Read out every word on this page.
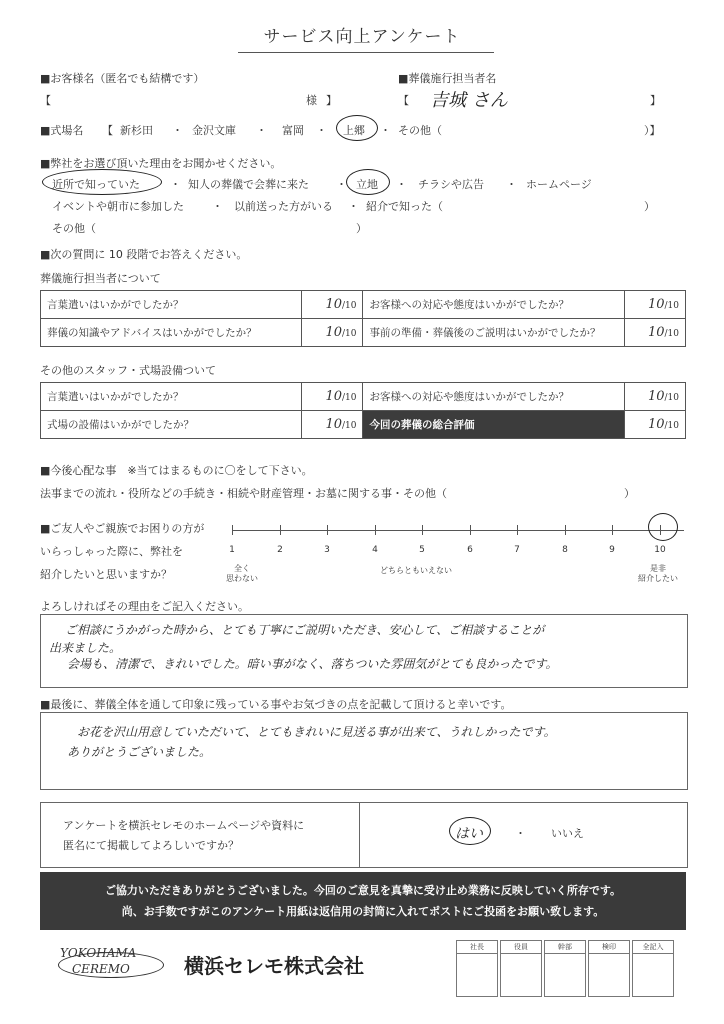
サービス向上アンケート
■お客様名（匿名でも結構です）
【	様 】
■葬儀施行担当者名
【 吉城 さん	】
■式場名 【 新杉田 ・ 金沢文庫 ・ 富岡 ・ 上郷 ・ その他（	）】
■弊社をお選び頂いた理由をお聞かせください。
近所で知っていた	・ 知人の葬儀で会葬に来た ・ 立地 ・ チラシや広告 ・ ホームページ
イベントや朝市に参加した	・ 以前送った方がいる ・ 紹介で知った（	）
その他（	）
■次の質問に 10 段階でお答えください。
葬儀施行担当者について
言葉遣いはいかがでしたか？	10/10	お客様への対応や態度はいかがでしたか？	10/10
葬儀の知識やアドバイスはいかがでしたか？	10/10	事前の準備・葬儀後のご説明はいかがでしたか？	10/10
その他のスタッフ・式場設備ついて
言葉遣いはいかがでしたか？	10/10	お客様への対応や態度はいかがでしたか？	10/10
式場の設備はいかがでしたか？	10/10	今回の葬儀の総合評価	10/10
■今後心配な事　※当てはまるものに〇をして下さい。
法事までの流れ・役所などの手続き・相続や財産管理・お墓に関する事・その他（	）
■ご友人やご親族でお困りの方が
いらっしゃった際に、弊社を
紹介したいと思いますか？
1	2	3	4	5	6	7	8	9	10
全く
思わない
どちらともいえない	是非
紹介したい
よろしければその理由をご記入ください。
ご相談にうかがった時から、とても丁寧にご説明いただき、安心して、ご相談することが
出来ました。
会場も、清潔で、きれいでした。暗い事がなく、落ちついた雰囲気がとても良かったです。
■最後に、葬儀全体を通して印象に残っている事やお気づきの点を記載して頂けると幸いです。
お花を沢山用意していただいて、とてもきれいに見送る事が出来て、うれしかったです。
ありがとうございました。
アンケートを横浜セレモのホームページや資料に
匿名にて掲載してよろしいですか？
はい	・ いいえ
ご協力いただきありがとうございました。今回のご意見を真摯に受け止め業務に反映していく所存です。
尚、お手数ですがこのアンケート用紙は返信用の封筒に入れてポストにご投函をお願い致します。
YOKOHAMA
CEREMO	横浜セレモ株式会社
社長	役員	幹部	検印	全記入
